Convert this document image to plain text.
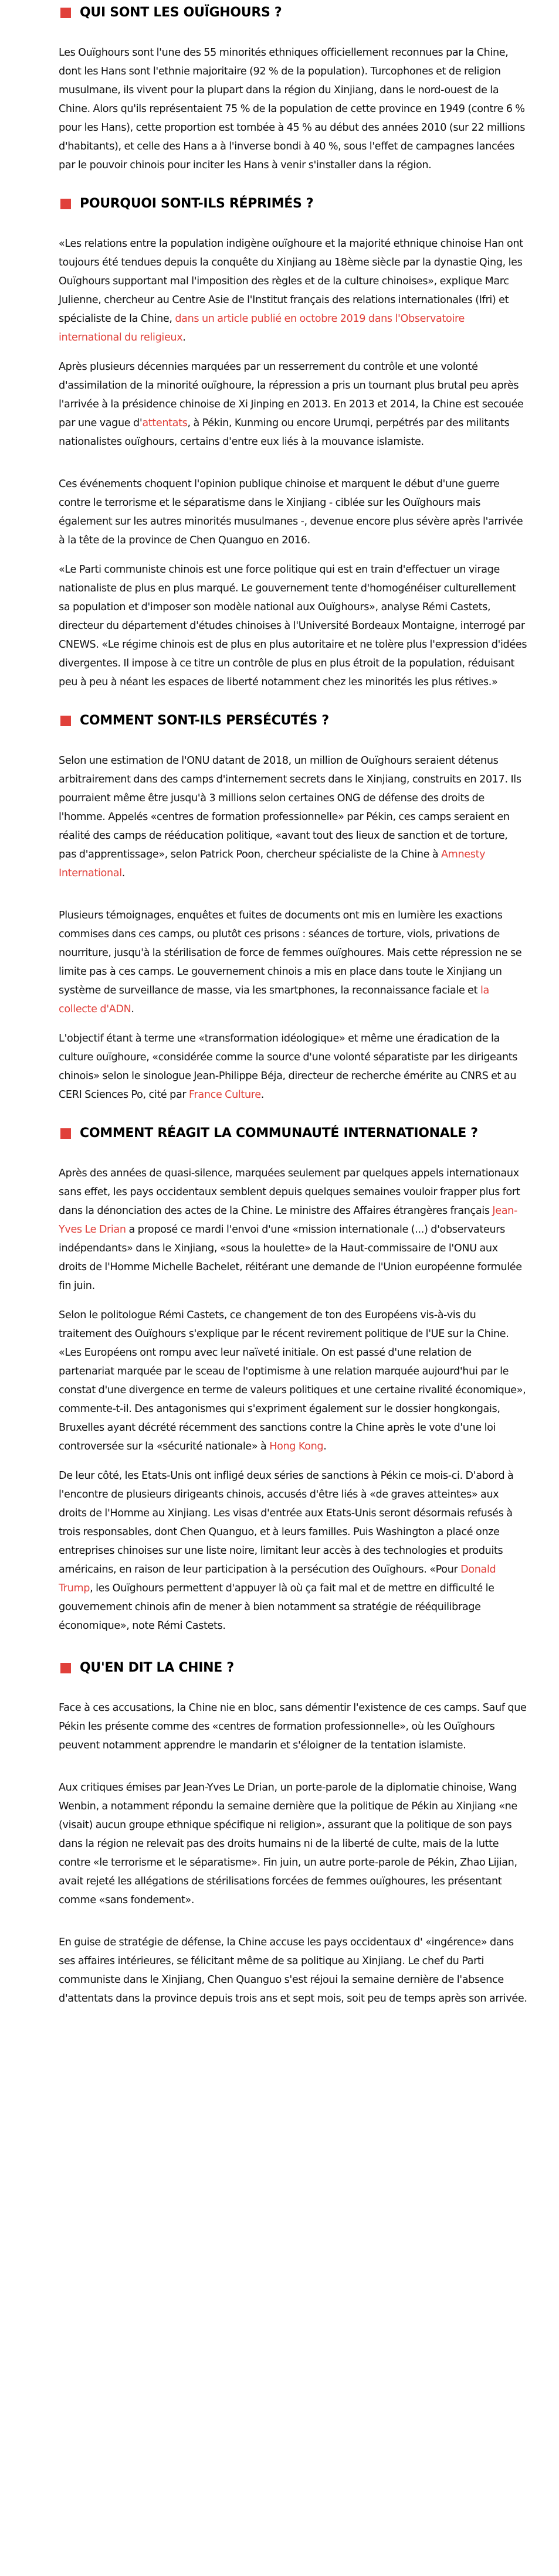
QUI SONT LES OUÏGHOURS ?

Les Ouïghours sont l'une des 55 minorités ethniques officiellement reconnues par la Chine, dont les Hans sont l'ethnie majoritaire (92 % de la population). Turcophones et de religion musulmane, ils vivent pour la plupart dans la région du Xinjiang, dans le nord-ouest de la Chine. Alors qu'ils représentaient 75 % de la population de cette province en 1949 (contre 6 % pour les Hans), cette proportion est tombée à 45 % au début des années 2010 (sur 22 millions d'habitants), et celle des Hans a à l'inverse bondi à 40 %, sous l'effet de campagnes lancées par le pouvoir chinois pour inciter les Hans à venir s'installer dans la région.

POURQUOI SONT-ILS RÉPRIMÉS ?

«Les relations entre la population indigène ouïghoure et la majorité ethnique chinoise Han ont toujours été tendues depuis la conquête du Xinjiang au 18ème siècle par la dynastie Qing, les Ouïghours supportant mal l'imposition des règles et de la culture chinoises», explique Marc Julienne, chercheur au Centre Asie de l'Institut français des relations internationales (Ifri) et spécialiste de la Chine, dans un article publié en octobre 2019 dans l'Observatoire international du religieux.

Après plusieurs décennies marquées par un resserrement du contrôle et une volonté d'assimilation de la minorité ouïghoure, la répression a pris un tournant plus brutal peu après l'arrivée à la présidence chinoise de Xi Jinping en 2013. En 2013 et 2014, la Chine est secouée par une vague d'attentats, à Pékin, Kunming ou encore Urumqi, perpétrés par des militants nationalistes ouïghours, certains d'entre eux liés à la mouvance islamiste.

Ces événements choquent l'opinion publique chinoise et marquent le début d'une guerre contre le terrorisme et le séparatisme dans le Xinjiang - ciblée sur les Ouïghours mais également sur les autres minorités musulmanes -, devenue encore plus sévère après l'arrivée à la tête de la province de Chen Quanguo en 2016.

«Le Parti communiste chinois est une force politique qui est en train d'effectuer un virage nationaliste de plus en plus marqué. Le gouvernement tente d'homogénéiser culturellement sa population et d'imposer son modèle national aux Ouïghours», analyse Rémi Castets, directeur du département d'études chinoises à l'Université Bordeaux Montaigne, interrogé par CNEWS. «Le régime chinois est de plus en plus autoritaire et ne tolère plus l'expression d'idées divergentes. Il impose à ce titre un contrôle de plus en plus étroit de la population, réduisant peu à peu à néant les espaces de liberté notamment chez les minorités les plus rétives.»

COMMENT SONT-ILS PERSÉCUTÉS ?

Selon une estimation de l'ONU datant de 2018, un million de Ouïghours seraient détenus arbitrairement dans des camps d'internement secrets dans le Xinjiang, construits en 2017. Ils pourraient même être jusqu'à 3 millions selon certaines ONG de défense des droits de l'homme. Appelés «centres de formation professionnelle» par Pékin, ces camps seraient en réalité des camps de rééducation politique, «avant tout des lieux de sanction et de torture, pas d'apprentissage», selon Patrick Poon, chercheur spécialiste de la Chine à Amnesty International.

Plusieurs témoignages, enquêtes et fuites de documents ont mis en lumière les exactions commises dans ces camps, ou plutôt ces prisons : séances de torture, viols, privations de nourriture, jusqu'à la stérilisation de force de femmes ouïghoures. Mais cette répression ne se limite pas à ces camps. Le gouvernement chinois a mis en place dans toute le Xinjiang un système de surveillance de masse, via les smartphones, la reconnaissance faciale et la collecte d'ADN.

L'objectif étant à terme une «transformation idéologique» et même une éradication de la culture ouïghoure, «considérée comme la source d'une volonté séparatiste par les dirigeants chinois» selon le sinologue Jean-Philippe Béja, directeur de recherche émérite au CNRS et au CERI Sciences Po, cité par France Culture.

COMMENT RÉAGIT LA COMMUNAUTÉ INTERNATIONALE ?

Après des années de quasi-silence, marquées seulement par quelques appels internationaux sans effet, les pays occidentaux semblent depuis quelques semaines vouloir frapper plus fort dans la dénonciation des actes de la Chine. Le ministre des Affaires étrangères français Jean-Yves Le Drian a proposé ce mardi l'envoi d'une «mission internationale (...) d'observateurs indépendants» dans le Xinjiang, «sous la houlette» de la Haut-commissaire de l'ONU aux droits de l'Homme Michelle Bachelet, réitérant une demande de l'Union européenne formulée fin juin.

Selon le politologue Rémi Castets, ce changement de ton des Européens vis-à-vis du traitement des Ouïghours s'explique par le récent revirement politique de l'UE sur la Chine. «Les Européens ont rompu avec leur naïveté initiale. On est passé d'une relation de partenariat marquée par le sceau de l'optimisme à une relation marquée aujourd'hui par le constat d'une divergence en terme de valeurs politiques et une certaine rivalité économique», commente-t-il. Des antagonismes qui s'expriment également sur le dossier hongkongais, Bruxelles ayant décrété récemment des sanctions contre la Chine après le vote d'une loi controversée sur la «sécurité nationale» à Hong Kong.

De leur côté, les Etats-Unis ont infligé deux séries de sanctions à Pékin ce mois-ci. D'abord à l'encontre de plusieurs dirigeants chinois, accusés d'être liés à «de graves atteintes» aux droits de l'Homme au Xinjiang. Les visas d'entrée aux Etats-Unis seront désormais refusés à trois responsables, dont Chen Quanguo, et à leurs familles. Puis Washington a placé onze entreprises chinoises sur une liste noire, limitant leur accès à des technologies et produits américains, en raison de leur participation à la persécution des Ouïghours. «Pour Donald Trump, les Ouïghours permettent d'appuyer là où ça fait mal et de mettre en difficulté le gouvernement chinois afin de mener à bien notamment sa stratégie de rééquilibrage économique», note Rémi Castets.

QU'EN DIT LA CHINE ?

Face à ces accusations, la Chine nie en bloc, sans démentir l'existence de ces camps. Sauf que Pékin les présente comme des «centres de formation professionnelle», où les Ouïghours peuvent notamment apprendre le mandarin et s'éloigner de la tentation islamiste.

Aux critiques émises par Jean-Yves Le Drian, un porte-parole de la diplomatie chinoise, Wang Wenbin, a notamment répondu la semaine dernière que la politique de Pékin au Xinjiang «ne (visait) aucun groupe ethnique spécifique ni religion», assurant que la politique de son pays dans la région ne relevait pas des droits humains ni de la liberté de culte, mais de la lutte contre «le terrorisme et le séparatisme». Fin juin, un autre porte-parole de Pékin, Zhao Lijian, avait rejeté les allégations de stérilisations forcées de femmes ouïghoures, les présentant comme «sans fondement».

En guise de stratégie de défense, la Chine accuse les pays occidentaux d' «ingérence» dans ses affaires intérieures, se félicitant même de sa politique au Xinjiang. Le chef du Parti communiste dans le Xinjiang, Chen Quanguo s'est réjoui la semaine dernière de l'absence d'attentats dans la province depuis trois ans et sept mois, soit peu de temps après son arrivée.
